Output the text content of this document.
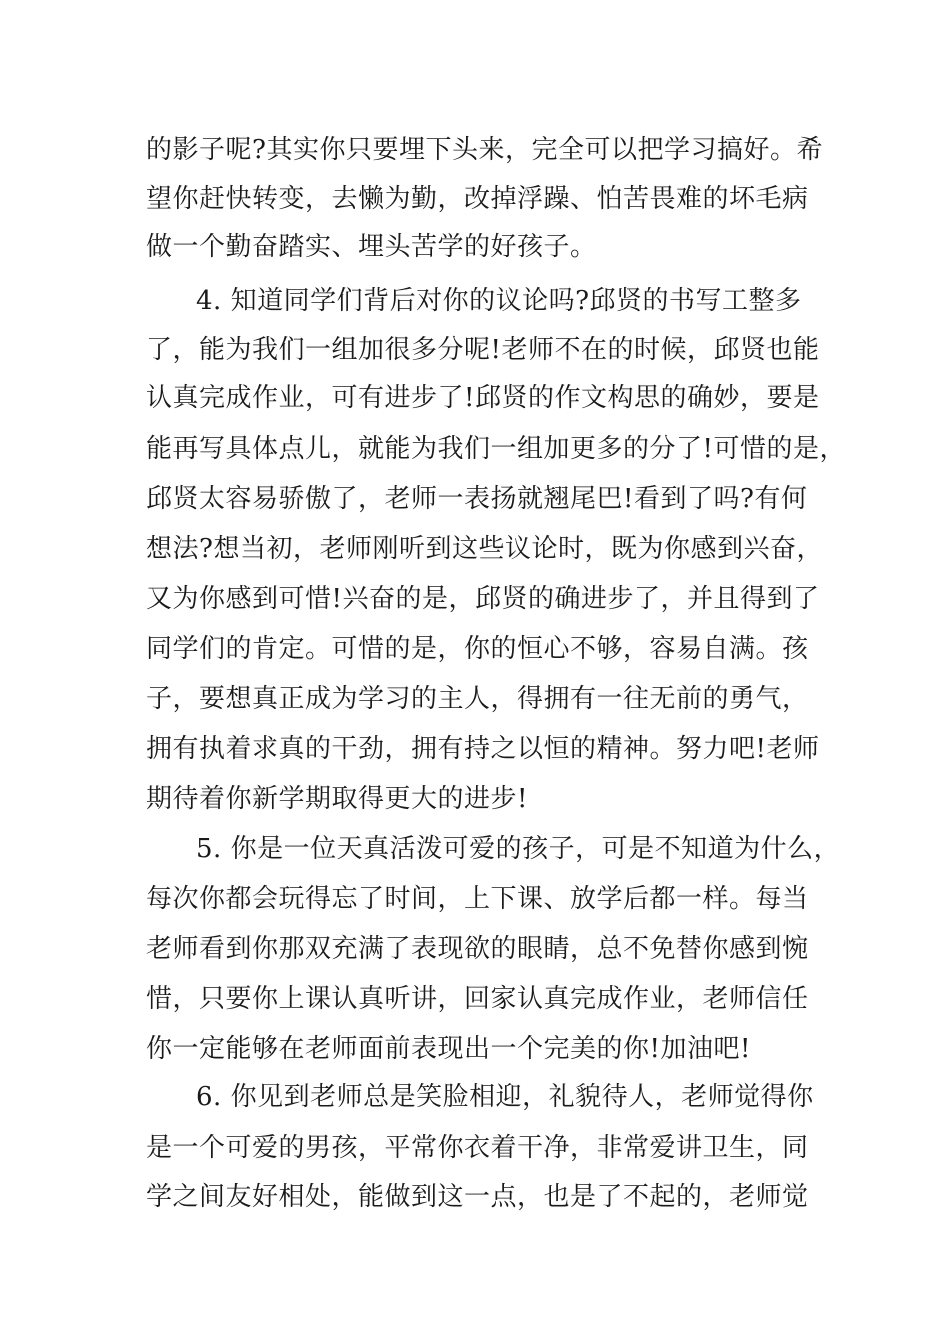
的影子呢?其实你只要埋下头来，完全可以把学习搞好。希
望你赶快转变，去懒为勤，改掉浮躁、怕苦畏难的坏毛病
做一个勤奋踏实、埋头苦学的好孩子。
4. 知道同学们背后对你的议论吗?邱贤的书写工整多
了，能为我们一组加很多分呢!老师不在的时候，邱贤也能
认真完成作业，可有进步了!邱贤的作文构思的确妙，要是
能再写具体点儿，就能为我们一组加更多的分了!可惜的是，
邱贤太容易骄傲了，老师一表扬就翘尾巴!看到了吗?有何
想法?想当初，老师刚听到这些议论时，既为你感到兴奋，
又为你感到可惜!兴奋的是，邱贤的确进步了，并且得到了
同学们的肯定。可惜的是，你的恒心不够，容易自满。孩
子，要想真正成为学习的主人，得拥有一往无前的勇气，
拥有执着求真的干劲，拥有持之以恒的精神。努力吧!老师
期待着你新学期取得更大的进步!
5. 你是一位天真活泼可爱的孩子，可是不知道为什么，
每次你都会玩得忘了时间，上下课、放学后都一样。每当
老师看到你那双充满了表现欲的眼睛，总不免替你感到惋
惜，只要你上课认真听讲，回家认真完成作业，老师信任
你一定能够在老师面前表现出一个完美的你!加油吧!
6. 你见到老师总是笑脸相迎，礼貌待人，老师觉得你
是一个可爱的男孩，平常你衣着干净，非常爱讲卫生，同
学之间友好相处，能做到这一点，也是了不起的，老师觉
